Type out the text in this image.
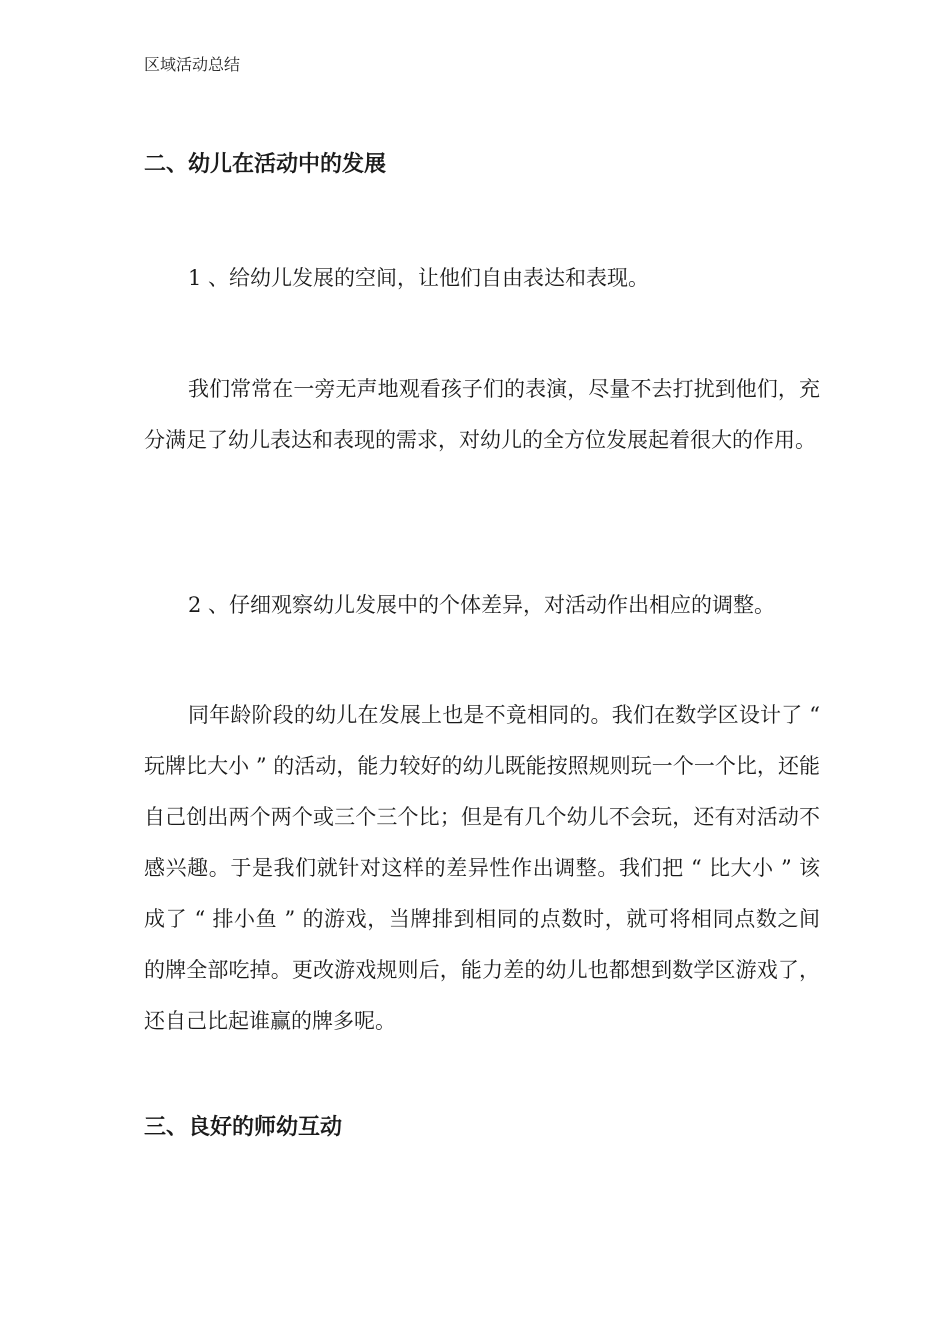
区域活动总结
二、幼儿在活动中的发展
1 、给幼儿发展的空间，让他们自由表达和表现。
我们常常在一旁无声地观看孩子们的表演，尽量不去打扰到他们，充分满足了幼儿表达和表现的需求，对幼儿的全方位发展起着很大的作用。
2 、仔细观察幼儿发展中的个体差异，对活动作出相应的调整。
同年龄阶段的幼儿在发展上也是不竟相同的。我们在数学区设计了 “ 玩牌比大小 ” 的活动，能力较好的幼儿既能按照规则玩一个一个比，还能自己创出两个两个或三个三个比；但是有几个幼儿不会玩，还有对活动不感兴趣。于是我们就针对这样的差异性作出调整。我们把 “ 比大小 ” 该成了 “ 排小鱼 ” 的游戏，当牌排到相同的点数时，就可将相同点数之间的牌全部吃掉。更改游戏规则后，能力差的幼儿也都想到数学区游戏了，还自己比起谁赢的牌多呢。
三、良好的师幼互动
